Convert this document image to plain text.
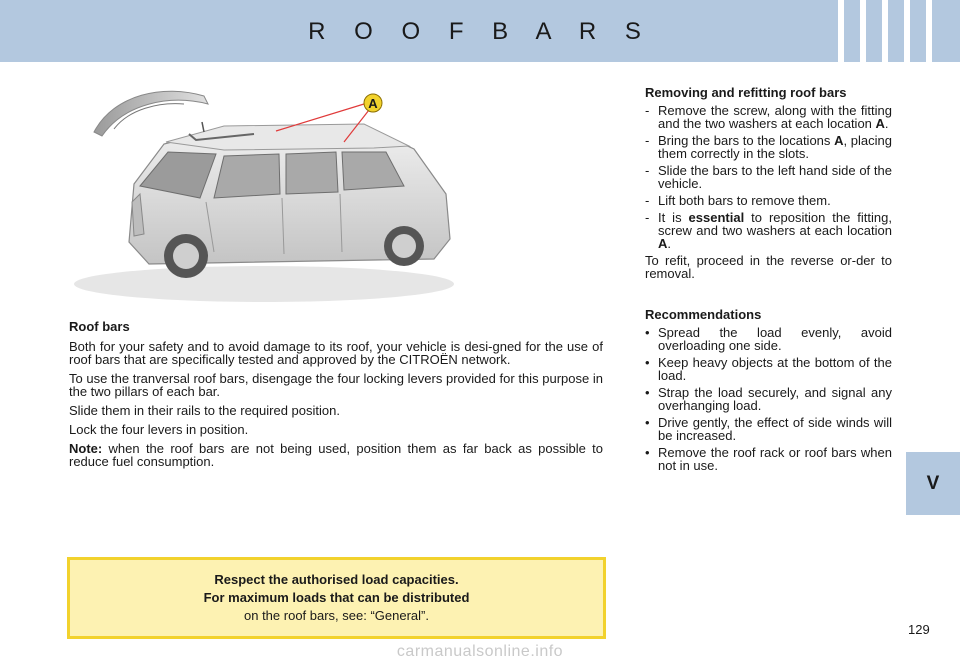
R O O F B A R S
V
A

Roof bars

Both for your safety and to avoid damage to its roof, your vehicle is desi-gned for the use of roof bars that are specifically tested and approved by the CITROËN network.

To use the tranversal roof bars, disengage the four locking levers provided for this purpose in the two pillars of each bar.

Slide them in their rails to the required position.

Lock the four levers in position.

Note: when the roof bars are not being used, position them as far back as possible to reduce fuel consumption.

Respect the authorised load capacities.
For maximum loads that can be distributed
on the roof bars, see: “General”.

Removing and refitting roof bars

- Remove the screw, along with the fitting and the two washers at each location A.
- Bring the bars to the locations A, placing them correctly in the slots.
- Slide the bars to the left hand side of the vehicle.
- Lift both bars to remove them.
- It is essential to reposition the fitting, screw and two washers at each location A.

To refit, proceed in the reverse or-der to removal.

Recommendations

• Spread the load evenly, avoid overloading one side.
• Keep heavy objects at the bottom of the load.
• Strap the load securely, and signal any overhanging load.
• Drive gently, the effect of side winds will be increased.
• Remove the roof rack or roof bars when not in use.
129
carmanualsonline.info
